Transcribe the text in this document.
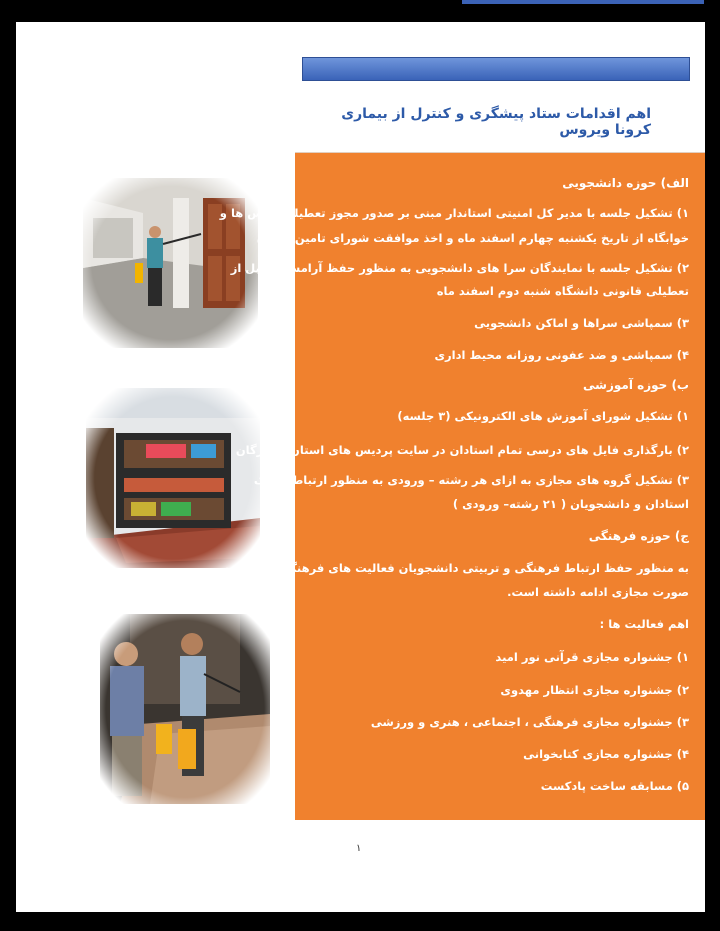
اهم اقدامات ستاد پیشگری و کنترل از بیماری کرونا ویروس
الف) حوزه دانشجویی
۱) تشکیل جلسه با مدیر کل امنیتی استاندار مبنی بر صدور مجوز تعطیلی کلاس ها و
خوابگاه از تاریخ یکشنبه چهارم اسفند ماه و اخذ موافقت شورای تامین استان
۲) تشکیل جلسه با نمایندگان سرا های دانشجویی به منظور حفظ آرامش تا قبل از
تعطیلی قانونی دانشگاه شنبه دوم اسفند ماه
۳) سمپاشی سراها و اماکن دانشجویی
۴) سمپاشی و ضد عفونی روزانه محیط اداری
ب) حوزه آموزشی
۱) تشکیل شورای آموزش های الکترونیکی (۳ جلسه)
۲) بارگذاری فایل های درسی تمام استادان در سایت پردیس های استان هرمزگان
۳) تشکیل گروه های مجازی به ازای هر رشته – ورودی به منظور ارتباط نزدیک
استادان و دانشجویان ( ۲۱ رشته– ورودی )
ج) حوزه فرهنگی
به منظور حفظ ارتباط فرهنگی و تربیتی دانشجویان فعالیت های فرهنگی تربیتی به
صورت مجازی ادامه داشته است.
اهم فعالیت ها :
۱) جشنواره مجازی قرآنی نور امید
۲) جشنواره مجازی انتظار مهدوی
۳) جشنواره مجازی فرهنگی ، اجتماعی ، هنری و ورزشی
۴) جشنواره مجازی کتابخوانی
۵) مسابقه ساخت پادکست
۱
